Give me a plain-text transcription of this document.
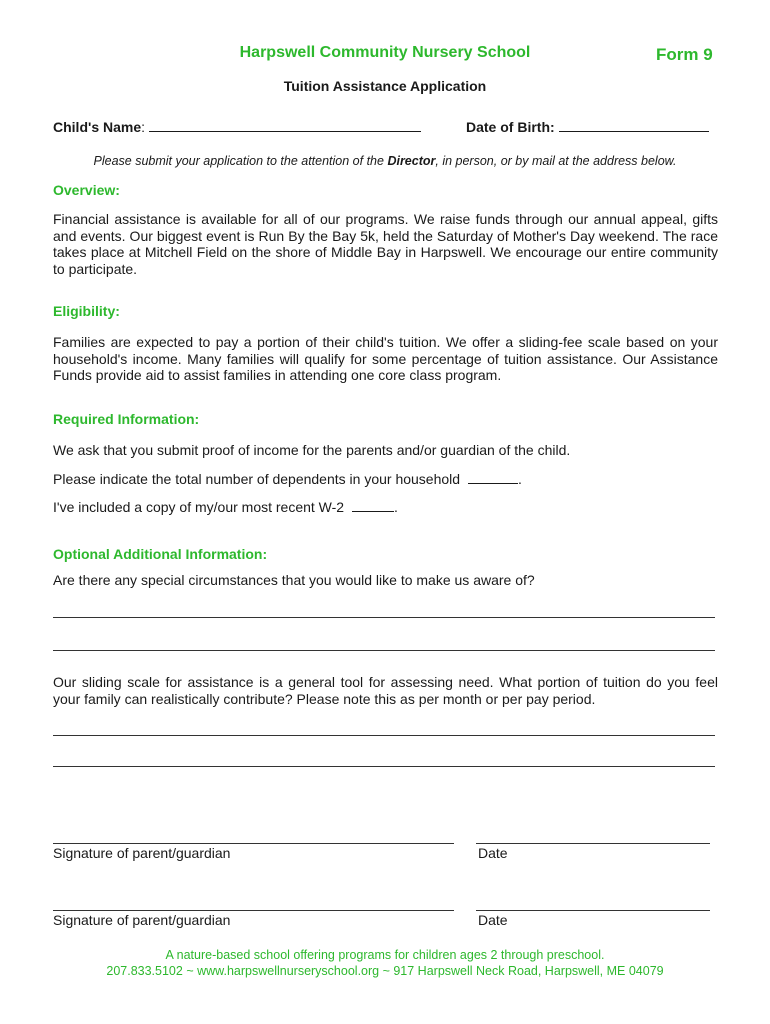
Harpswell Community Nursery School	Form 9
Tuition Assistance Application
Child's Name:	Date of Birth:
Please submit your application to the attention of the Director, in person, or by mail at the address below.
Overview:
Financial assistance is available for all of our programs. We raise funds through our annual appeal, gifts and events. Our biggest event is Run By the Bay 5k, held the Saturday of Mother's Day weekend. The race takes place at Mitchell Field on the shore of Middle Bay in Harpswell. We encourage our entire community to participate.
Eligibility:
Families are expected to pay a portion of their child's tuition. We offer a sliding-fee scale based on your household's income. Many families will qualify for some percentage of tuition assistance. Our Assistance Funds provide aid to assist families in attending one core class program.
Required Information:
We ask that you submit proof of income for the parents and/or guardian of the child.
Please indicate the total number of dependents in your household	.
I've included a copy of my/our most recent W-2	.
Optional Additional Information:
Are there any special circumstances that you would like to make us aware of?
Our sliding scale for assistance is a general tool for assessing need. What portion of tuition do you feel your family can realistically contribute? Please note this as per month or per pay period.
Signature of parent/guardian	Date
Signature of parent/guardian	Date
A nature-based school offering programs for children ages 2 through preschool.
207.833.5102 ~ www.harpswellnurseryschool.org ~ 917 Harpswell Neck Road, Harpswell, ME 04079
